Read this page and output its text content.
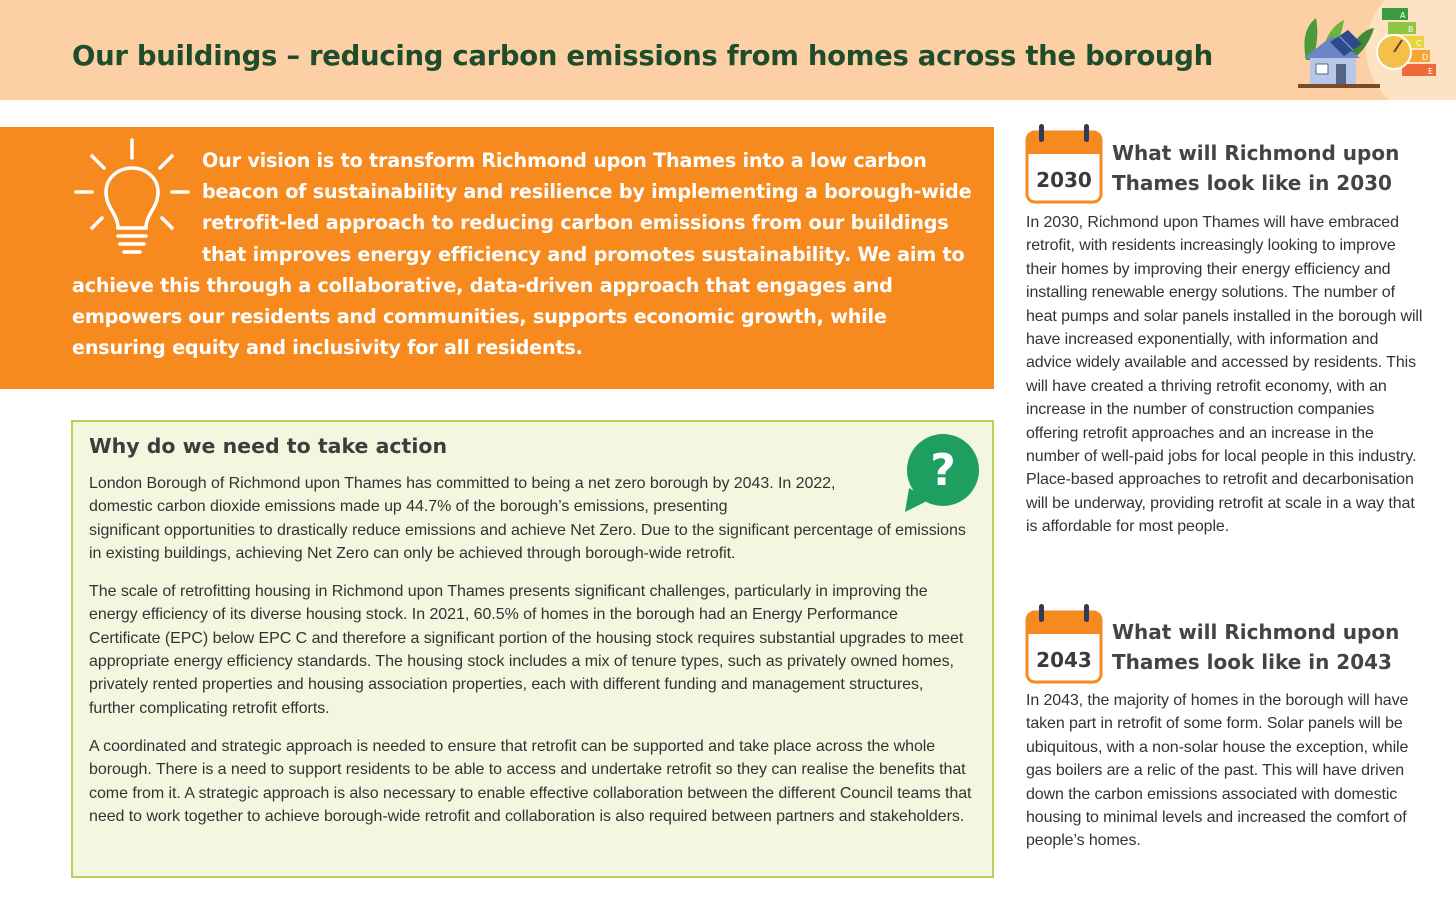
Our buildings – reducing carbon emissions from homes across the borough
A
B
C
D
E
Our vision is to transform Richmond upon Thames into a low carbon beacon of sustainability and resilience by implementing a borough-wide retrofit-led approach to reducing carbon emissions from our buildings that improves energy efficiency and promotes sustainability. We aim to achieve this through a collaborative, data-driven approach that engages and empowers our residents and communities, supports economic growth, while ensuring equity and inclusivity for all residents.
Why do we need to take action	?

London Borough of Richmond upon Thames has committed to being a net zero borough by 2043. In 2022, domestic carbon dioxide emissions made up 44.7% of the borough’s emissions, presenting

significant opportunities to drastically reduce emissions and achieve Net Zero. Due to the significant percentage of emissions in existing buildings, achieving Net Zero can only be achieved through borough-wide retrofit.

The scale of retrofitting housing in Richmond upon Thames presents significant challenges, particularly in improving the energy efficiency of its diverse housing stock. In 2021, 60.5% of homes in the borough had an Energy Performance Certificate (EPC) below EPC C and therefore a significant portion of the housing stock requires substantial upgrades to meet appropriate energy efficiency standards. The housing stock includes a mix of tenure types, such as privately owned homes, privately rented properties and housing association properties, each with different funding and management structures, further complicating retrofit efforts.

A coordinated and strategic approach is needed to ensure that retrofit can be supported and take place across the whole borough. There is a need to support residents to be able to access and undertake retrofit so they can realise the benefits that come from it. A strategic approach is also necessary to enable effective collaboration between the different Council teams that need to work together to achieve borough-wide retrofit and collaboration is also required between partners and stakeholders.

2030
What will Richmond upon Thames look like in 2030
In 2030, Richmond upon Thames will have embraced retrofit, with residents increasingly looking to improve their homes by improving their energy efficiency and installing renewable energy solutions. The number of heat pumps and solar panels installed in the borough will have increased exponentially, with information and advice widely available and accessed by residents. This will have created a thriving retrofit economy, with an increase in the number of construction companies offering retrofit approaches and an increase in the number of well-paid jobs for local people in this industry. Place-based approaches to retrofit and decarbonisation will be underway, providing retrofit at scale in a way that is affordable for most people.
2043
What will Richmond upon Thames look like in 2043
In 2043, the majority of homes in the borough will have taken part in retrofit of some form. Solar panels will be ubiquitous, with a non-solar house the exception, while gas boilers are a relic of the past. This will have driven down the carbon emissions associated with domestic housing to minimal levels and increased the comfort of people’s homes.
